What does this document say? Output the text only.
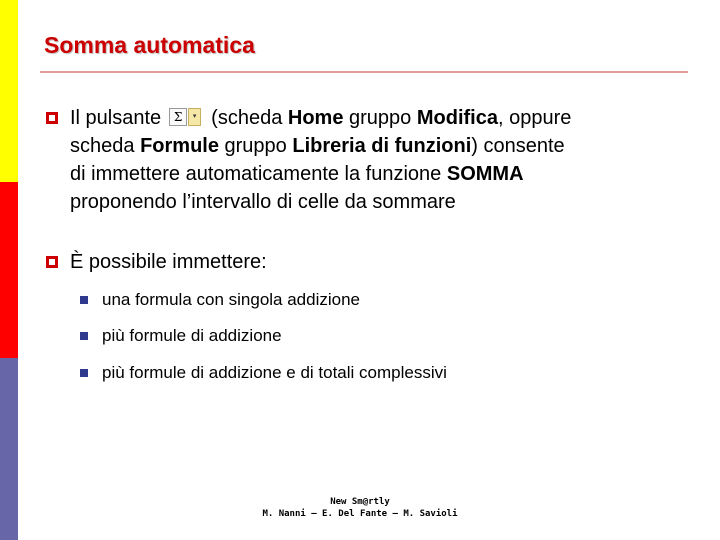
Somma automatica
Il pulsante	Σ	▾ (scheda Home gruppo Modifica, oppure
scheda Formule gruppo Libreria di funzioni) consente
di immettere automaticamente la funzione SOMMA
proponendo l’intervallo di celle da sommare
È possibile immettere:
una formula con singola addizione
più formule di addizione
più formule di addizione e di totali complessivi
New Sm@rtly
M. Nanni – E. Del Fante – M. Savioli
